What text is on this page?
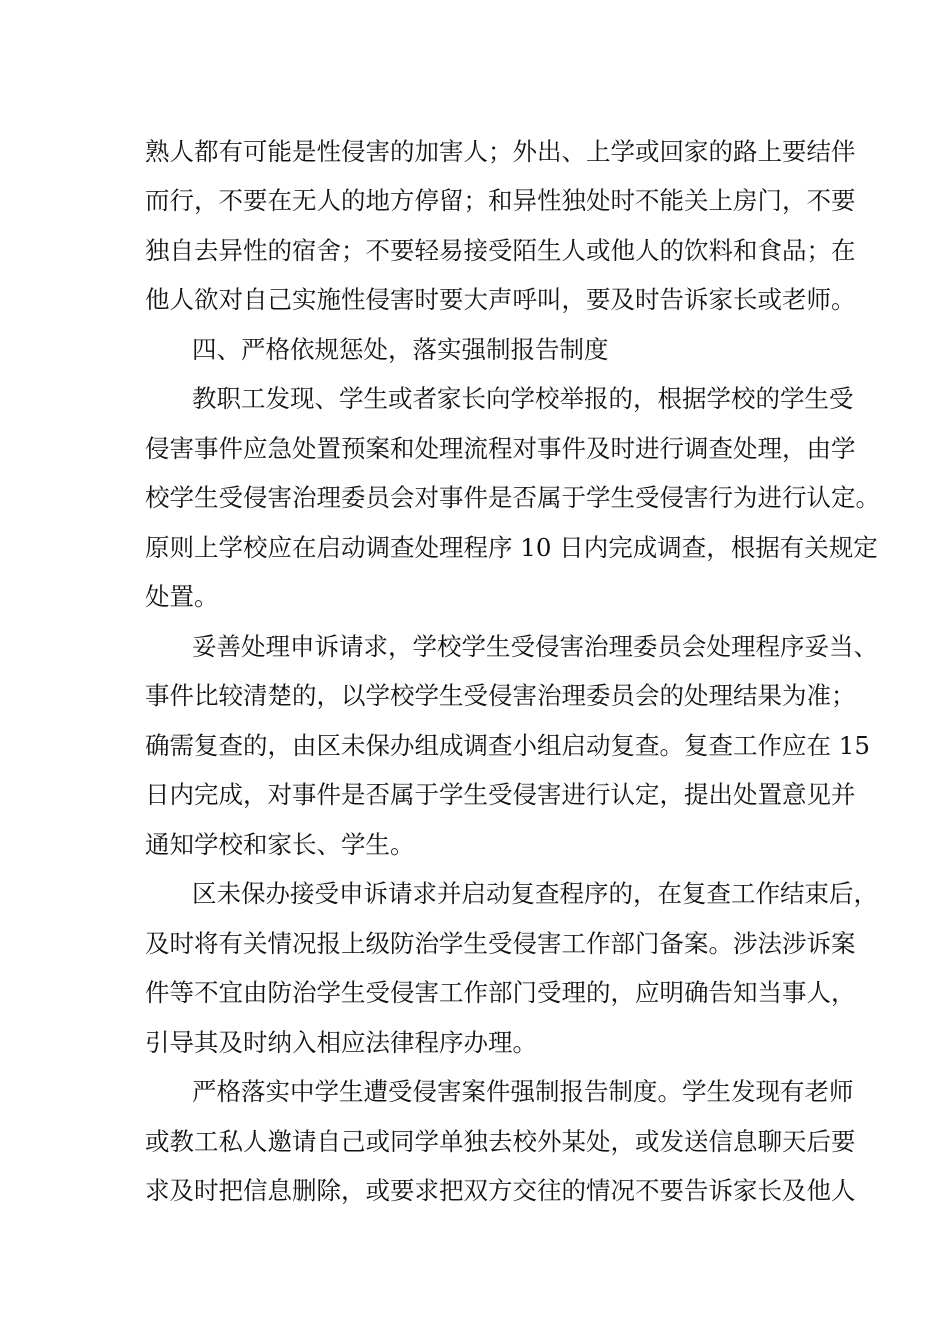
熟人都有可能是性侵害的加害人；外出、上学或回家的路上要结伴
而行，不要在无人的地方停留；和异性独处时不能关上房门，不要
独自去异性的宿舍；不要轻易接受陌生人或他人的饮料和食品；在
他人欲对自己实施性侵害时要大声呼叫，要及时告诉家长或老师。
四、严格依规惩处，落实强制报告制度
教职工发现、学生或者家长向学校举报的，根据学校的学生受
侵害事件应急处置预案和处理流程对事件及时进行调查处理，由学
校学生受侵害治理委员会对事件是否属于学生受侵害行为进行认定。
原则上学校应在启动调查处理程序 10 日内完成调查，根据有关规定
处置。
妥善处理申诉请求，学校学生受侵害治理委员会处理程序妥当、
事件比较清楚的，以学校学生受侵害治理委员会的处理结果为准；
确需复查的，由区未保办组成调查小组启动复查。复查工作应在 15
日内完成，对事件是否属于学生受侵害进行认定，提出处置意见并
通知学校和家长、学生。
区未保办接受申诉请求并启动复查程序的，在复查工作结束后，
及时将有关情况报上级防治学生受侵害工作部门备案。涉法涉诉案
件等不宜由防治学生受侵害工作部门受理的，应明确告知当事人，
引导其及时纳入相应法律程序办理。
严格落实中学生遭受侵害案件强制报告制度。学生发现有老师
或教工私人邀请自己或同学单独去校外某处，或发送信息聊天后要
求及时把信息删除，或要求把双方交往的情况不要告诉家长及他人
